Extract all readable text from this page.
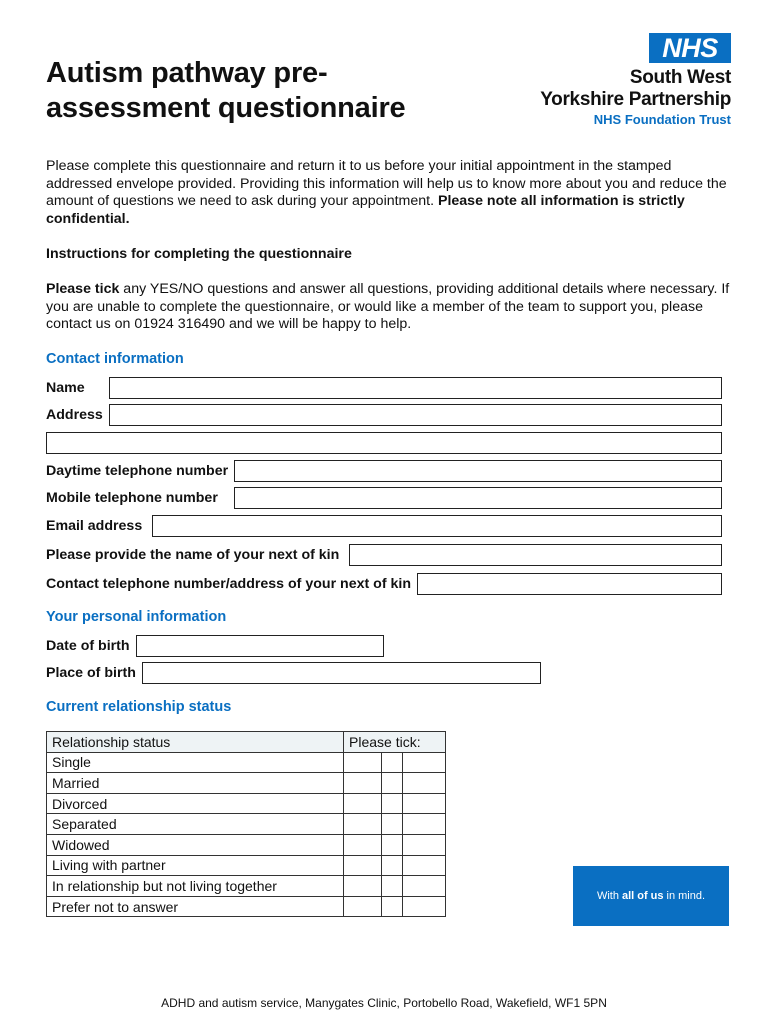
Autism pathway pre-
assessment questionnaire
NHS
South West
Yorkshire Partnership
NHS Foundation Trust
Please complete this questionnaire and return it to us before your initial appointment in the stamped addressed envelope provided. Providing this information will help us to know more about you and reduce the amount of questions we need to ask during your appointment. Please note all information is strictly confidential.
Instructions for completing the questionnaire
Please tick any YES/NO questions and answer all questions, providing additional details where necessary. If you are unable to complete the questionnaire, or would like a member of the team to support you, please contact us on 01924 316490 and we will be happy to help.
Contact information
Name
Address
Daytime telephone number
Mobile telephone number
Email address
Please provide the name of your next of kin
Contact telephone number/address of your next of kin
Your personal information
Date of birth
Place of birth
Current relationship status
Relationship status	Please tick:
Single	

Married	

Divorced	

Separated	

Widowed	

Living with partner	

In relationship but not living together	

Prefer not to answer	
With all of us in mind.
ADHD and autism service, Manygates Clinic, Portobello Road, Wakefield, WF1 5PN
